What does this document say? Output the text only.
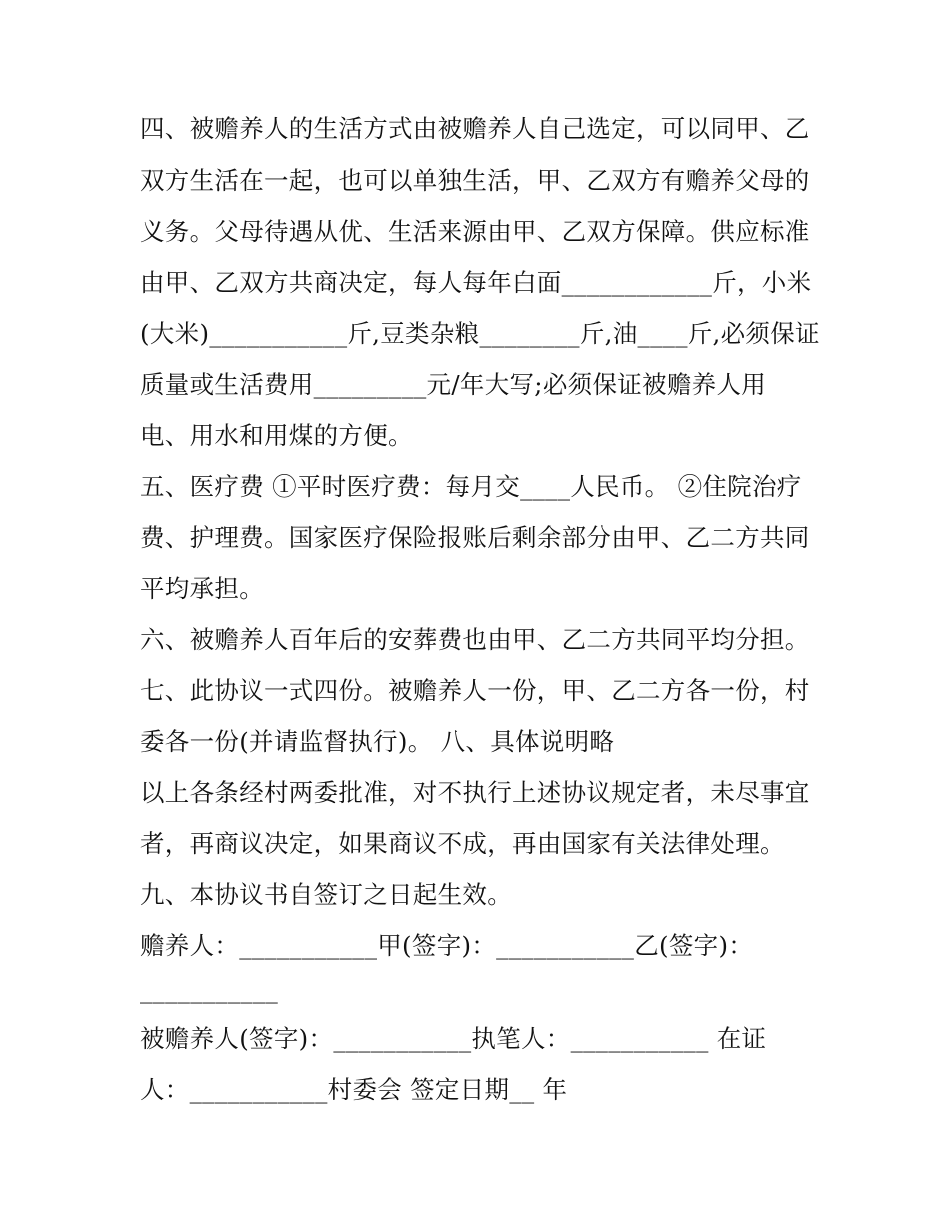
四、被赡养人的生活方式由被赡养人自己选定，可以同甲、乙
双方生活在一起，也可以单独生活，甲、乙双方有赡养父母的
义务。父母待遇从优、生活来源由甲、乙双方保障。供应标准
由甲、乙双方共商决定，每人每年白面____________斤，小米
(大米)___________斤,豆类杂粮________斤,油____斤,必须保证
质量或生活费用_________元/年大写;必须保证被赡养人用
电、用水和用煤的方便。
五、医疗费 ①平时医疗费：每月交____人民币。 ②住院治疗
费、护理费。国家医疗保险报账后剩余部分由甲、乙二方共同
平均承担。
六、被赡养人百年后的安葬费也由甲、乙二方共同平均分担。
七、此协议一式四份。被赡养人一份，甲、乙二方各一份，村
委各一份(并请监督执行)。 八、具体说明略
以上各条经村两委批准，对不执行上述协议规定者，未尽事宜
者，再商议决定，如果商议不成，再由国家有关法律处理。
九、本协议书自签订之日起生效。
赡养人：___________甲(签字)：___________乙(签字)：
___________
被赡养人(签字)：___________执笔人：___________ 在证
人：___________村委会 签定日期__ 年
